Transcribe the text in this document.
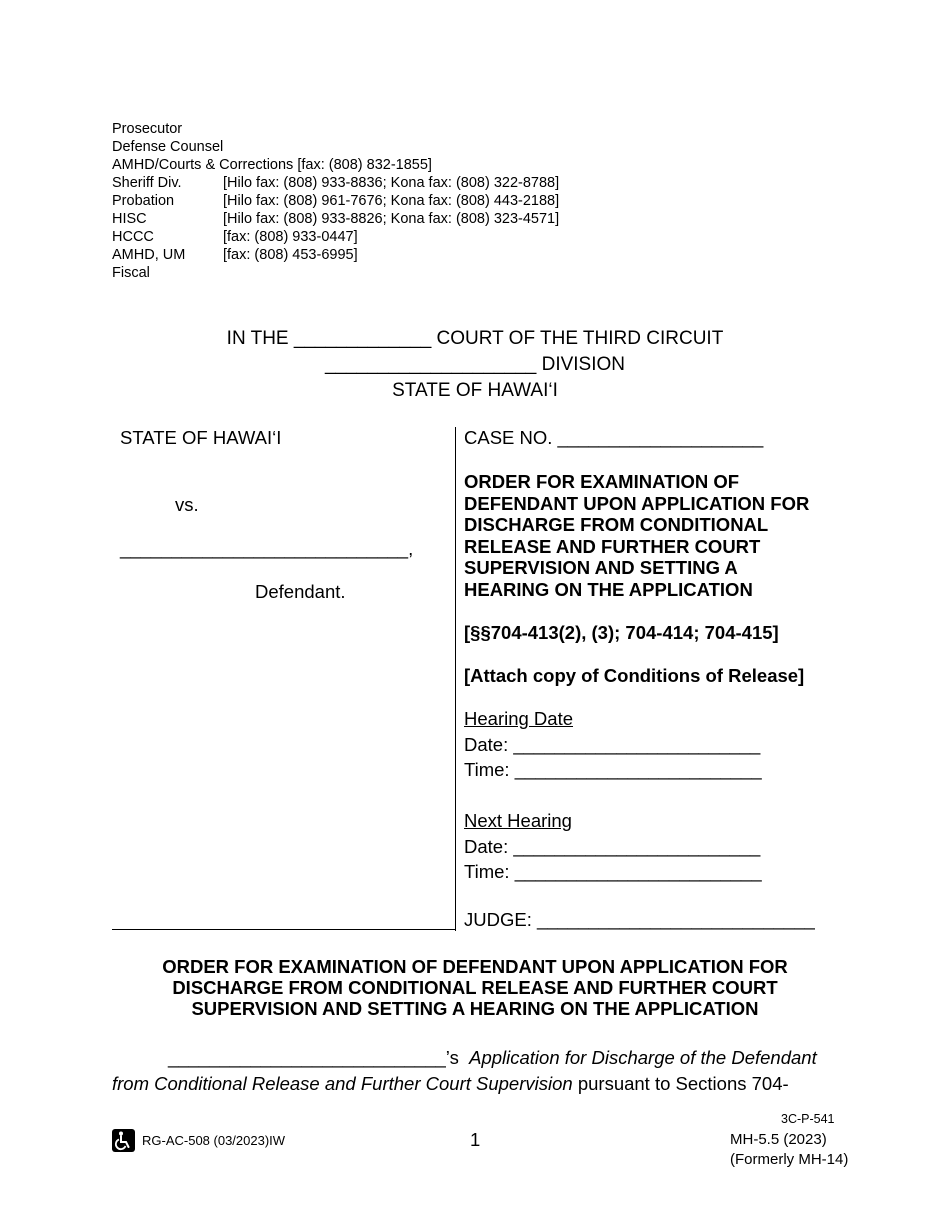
Prosecutor
Defense Counsel
AMHD/Courts & Corrections [fax: (808) 832-1855]
Sheriff Div.	[Hilo fax: (808) 933-8836; Kona fax: (808) 322-8788]
Probation	[Hilo fax: (808) 961-7676; Kona fax: (808) 443-2188]
HISC	[Hilo fax: (808) 933-8826; Kona fax: (808) 323-4571]
HCCC	[fax: (808) 933-0447]
AMHD, UM	[fax: (808) 453-6995]
Fiscal
IN THE _____________ COURT OF THE THIRD CIRCUIT
____________________ DIVISION
STATE OF HAWAI‘I
STATE OF HAWAI‘I
vs.
____________________________,
Defendant.
CASE NO. ____________________
ORDER FOR EXAMINATION OF
DEFENDANT UPON APPLICATION FOR
DISCHARGE FROM CONDITIONAL
RELEASE AND FURTHER COURT
SUPERVISION AND SETTING A
HEARING ON THE APPLICATION
[§§704-413(2), (3); 704-414; 704-415]
[Attach copy of Conditions of Release]
Hearing Date
Date: ________________________
Time: ________________________
Next Hearing
Date: ________________________
Time: ________________________
JUDGE: ___________________________
ORDER FOR EXAMINATION OF DEFENDANT UPON APPLICATION FOR
DISCHARGE FROM CONDITIONAL RELEASE AND FURTHER COURT
SUPERVISION AND SETTING A HEARING ON THE APPLICATION
___________________________’s Application for Discharge of the Defendant
from Conditional Release and Further Court Supervision pursuant to Sections 704-
RG-AC-508 (03/2023)IW	1
3C-P-541
MH-5.5 (2023)
(Formerly MH-14)
